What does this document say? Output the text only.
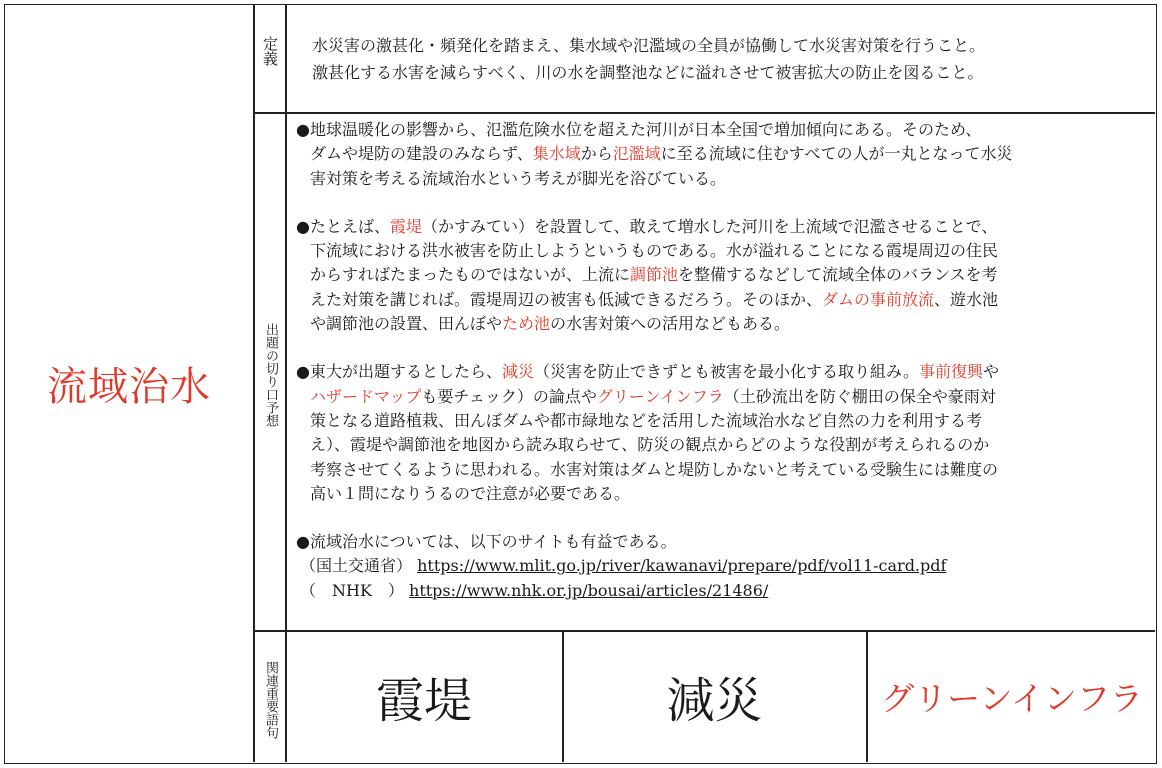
流域治水
定義
出題の切り口予想
関連重要語句
水災害の激甚化・頻発化を踏まえ、集水域や氾濫域の全員が協働して水災害対策を行うこと。
激甚化する水害を減らすべく、川の水を調整池などに溢れさせて被害拡大の防止を図ること。
●地球温暖化の影響から、氾濫危険水位を超えた河川が日本全国で増加傾向にある。そのため、
ダムや堤防の建設のみならず、集水域から氾濫域に至る流域に住むすべての人が一丸となって水災
害対策を考える流域治水という考えが脚光を浴びている。
●たとえば、霞堤（かすみてい）を設置して、敢えて増水した河川を上流域で氾濫させることで、
下流域における洪水被害を防止しようというものである。水が溢れることになる霞堤周辺の住民
からすればたまったものではないが、上流に調節池を整備するなどして流域全体のバランスを考
えた対策を講じれば。霞堤周辺の被害も低減できるだろう。そのほか、ダムの事前放流、遊水池
や調節池の設置、田んぼやため池の水害対策への活用などもある。
●東大が出題するとしたら、減災（災害を防止できずとも被害を最小化する取り組み。事前復興や
ハザードマップも要チェック）の論点やグリーンインフラ（土砂流出を防ぐ棚田の保全や豪雨対
策となる道路植栽、田んぼダムや都市緑地などを活用した流域治水など自然の力を利用する考
え）、霞堤や調節池を地図から読み取らせて、防災の観点からどのような役割が考えられるのか
考察させてくるように思われる。水害対策はダムと堤防しかないと考えている受験生には難度の
高い１問になりうるので注意が必要である。
●流域治水については、以下のサイトも有益である。
（国土交通省） https://www.mlit.go.jp/river/kawanavi/prepare/pdf/vol11-card.pdf
（　NHK　） https://www.nhk.or.jp/bousai/articles/21486/
霞堤	減災	グリーンインフラ
